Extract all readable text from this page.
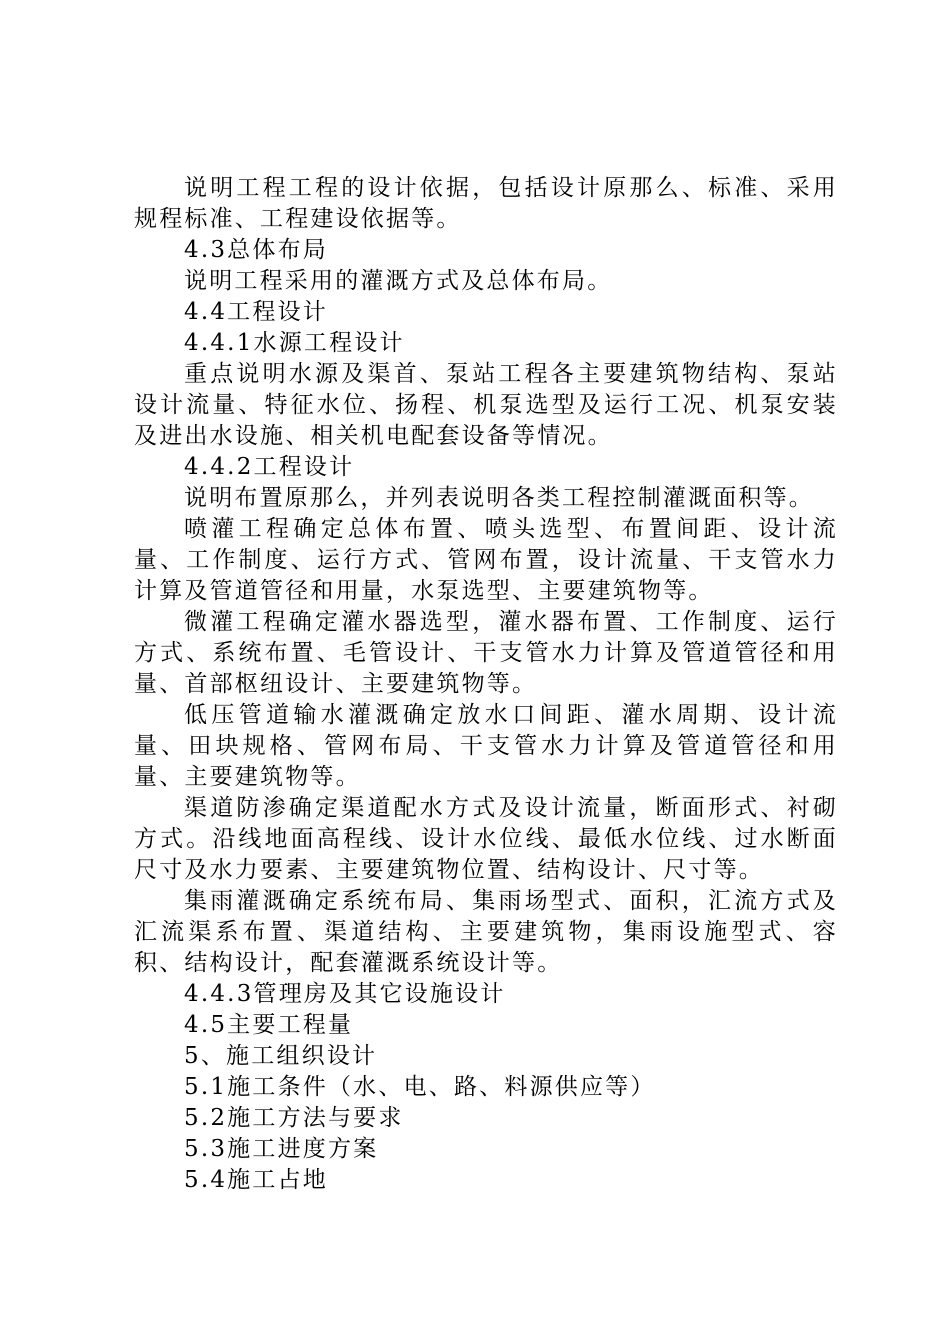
说明工程工程的设计依据，包括设计原那么、标准、采用规程标准、工程建设依据等。

4.3总体布局

说明工程采用的灌溉方式及总体布局。

4.4工程设计

4.4.1水源工程设计

重点说明水源及渠首、泵站工程各主要建筑物结构、泵站设计流量、特征水位、扬程、机泵选型及运行工况、机泵安装及进出水设施、相关机电配套设备等情况。

4.4.2工程设计

说明布置原那么，并列表说明各类工程控制灌溉面积等。

喷灌工程确定总体布置、喷头选型、布置间距、设计流量、工作制度、运行方式、管网布置，设计流量、干支管水力计算及管道管径和用量，水泵选型、主要建筑物等。

微灌工程确定灌水器选型，灌水器布置、工作制度、运行方式、系统布置、毛管设计、干支管水力计算及管道管径和用量、首部枢纽设计、主要建筑物等。

低压管道输水灌溉确定放水口间距、灌水周期、设计流量、田块规格、管网布局、干支管水力计算及管道管径和用量、主要建筑物等。

渠道防渗确定渠道配水方式及设计流量，断面形式、衬砌方式。沿线地面高程线、设计水位线、最低水位线、过水断面尺寸及水力要素、主要建筑物位置、结构设计、尺寸等。

集雨灌溉确定系统布局、集雨场型式、面积，汇流方式及汇流渠系布置、渠道结构、主要建筑物，集雨设施型式、容积、结构设计，配套灌溉系统设计等。

4.4.3管理房及其它设施设计

4.5主要工程量

5、施工组织设计

5.1施工条件（水、电、路、料源供应等）

5.2施工方法与要求

5.3施工进度方案

5.4施工占地
